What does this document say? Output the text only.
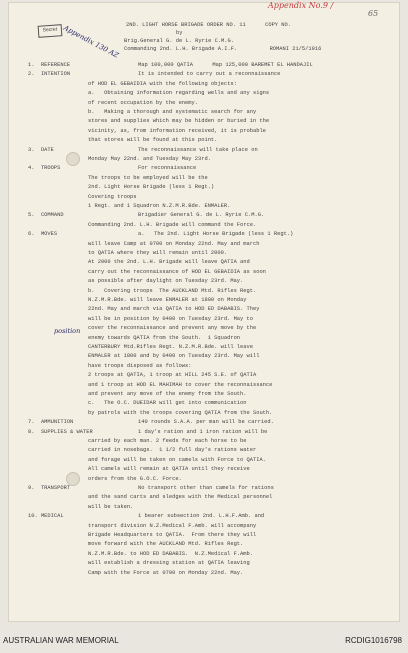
Secret
Appendix No.9 /
Appendix 130 AZ
65
position
2ND. LIGHT HORSE BRIGADE ORDER NO. 11      COPY NO.
by
Brig.General G. de L. Ryrie C.M.G.
Commanding 2nd. L.H. Brigade A.I.F.          ROMANI 21/5/1916
1.  REFERENCE	Map 100,000 QATIA      Map 125,000 BAREMET EL HANDAJIL
2.  INTENTION	It is intended to carry out a reconnaissance
of HOD EL GEBAIDIA with the following objects:
a.   Obtaining information regarding wells and any signs
of recent occupation by the enemy.
b.   Making a thorough and systematic search for any
stores and supplies which may be hidden or buried in the
vicinity, as, from information received, it is probable
that stores will be found at this point.
3.  DATE	The reconnaissance will take place on
Monday May 22nd. and Tuesday May 23rd.
4.  TROOPS	For reconnaissance
The troops to be employed will be the
2nd. Light Horse Brigade (less 1 Regt.)
Covering troops
1 Regt. and 1 Squadron N.Z.M.R.Bde. ENMALER.
5.  COMMAND	Brigadier General G. de L. Ryrie C.M.G.
Commanding 2nd. L.H. Brigade will command the Force.
6.  MOVES	a.   The 2nd. Light Horse Brigade (less 1 Regt.)
will leave Camp at 0700 on Monday 22nd. May and march
to QATIA where they will remain until 2000.
At 2000 the 2nd. L.H. Brigade will leave QATIA and
carry out the reconnaissance of HOD EL GEBAIDIA as soon
as possible after daylight on Tuesday 23rd. May.
b.   Covering troops  The AUCKLAND Mtd. Rifles Regt.
N.Z.M.R.Bde. will leave ENMALER at 1800 on Monday
22nd. May and march via QATIA to HOD ED DABABIS. They
will be in position by 0400 on Tuesday 23rd. May to
cover the reconnaissance and prevent any move by the
enemy towards QATIA from the South.  1 Squadron
CANTERBURY Mtd.Rifles Regt. N.Z.M.R.Bde. will leave
ENMALER at 1800 and by 0400 on Tuesday 23rd. May will
have troops disposed as follows:
2 troops at QATIA, 1 troop at HILL 245 S.E. of QATIA
and 1 troop at HOD EL MAHIMAH to cover the reconnaissance
and prevent any move of the enemy from the South.
c.   The O.C. DUEIDAR will get into communication
by patrols with the troops covering QATIA from the South.
7.  AMMUNITION	140 rounds S.A.A. per man will be carried.
8.  SUPPLIES & WATER	1 day's ration and 1 iron ration will be
carried by each man. 2 feeds for each horse to be
carried in nosebags.  1 1/2 full day's rations water
and forage will be taken on camels with Force to QATIA.
All camels will remain at QATIA until they receive
orders from the G.O.C. Force.
9.  TRANSPORT	No transport other than camels for rations
and the sand carts and sledges with the Medical personnel
will be taken.
10. MEDICAL	1 bearer subsection 2nd. L.H.F.Amb. and
transport division N.Z.Medical F.Amb. will accompany
Brigade Headquarters to QATIA.  From there they will
move forward with the AUCKLAND Mtd. Rifles Regt.
N.Z.M.R.Bde. to HOD ED DABABIS.  N.Z.Medical F.Amb.
will establish a dressing station at QATIA leaving
Camp with the Force at 0700 on Monday 22nd. May.
AUSTRALIAN WAR MEMORIAL	RCDIG1016798
